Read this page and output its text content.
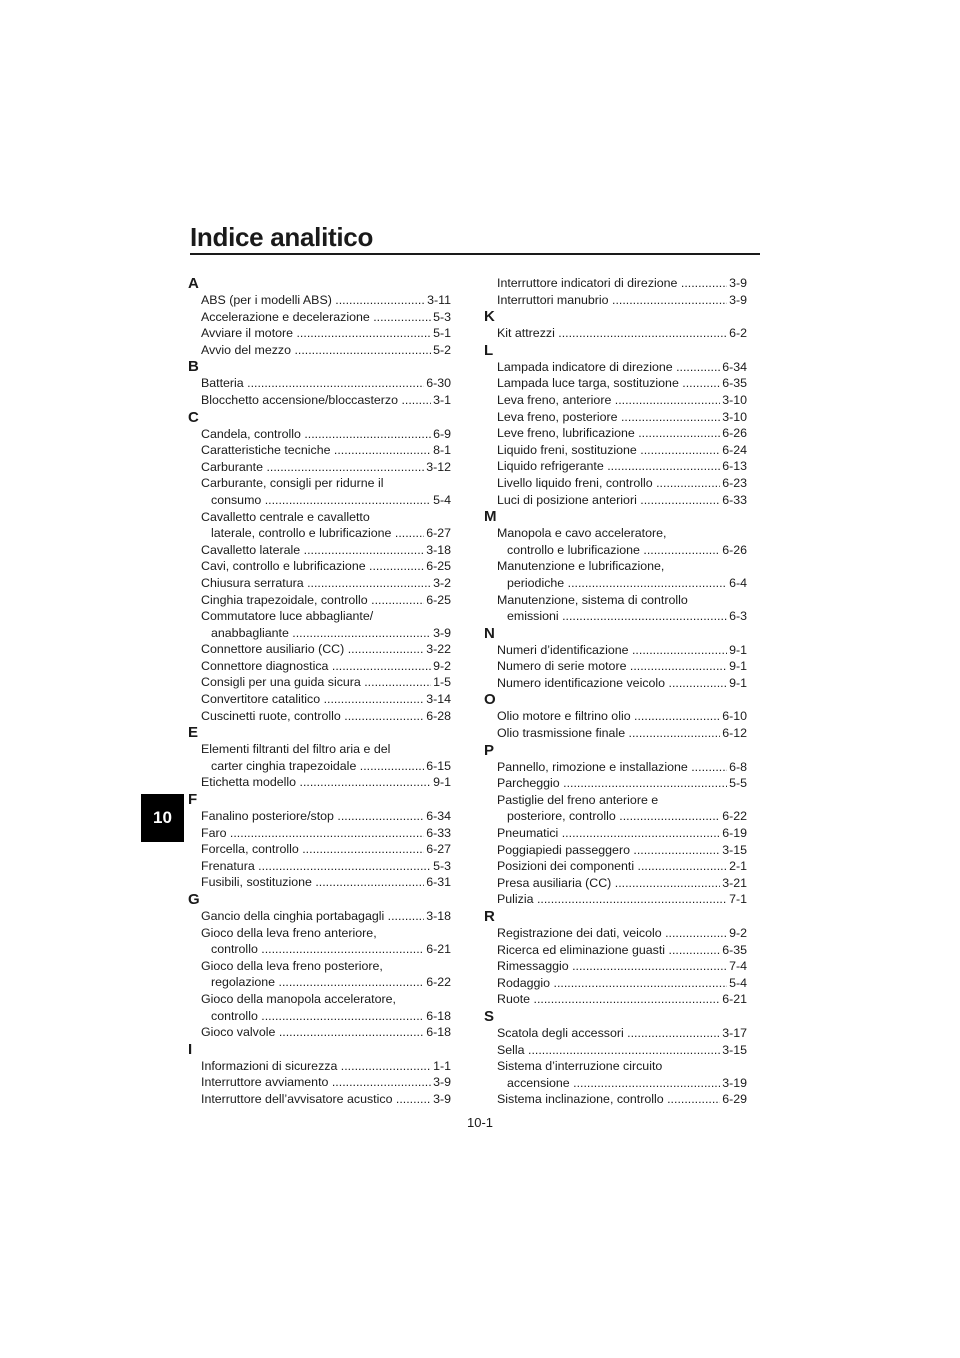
Indice analitico
10
A
ABS (per i modelli ABS) .....	3-11
Accelerazione e decelerazione .....	5-3
Avviare il motore .....	5-1
Avvio del mezzo .....	5-2
B
Batteria .....	6-30
Blocchetto accensione/bloccasterzo .....	3-1
C
Candela, controllo .....	6-9
Caratteristiche tecniche .....	8-1
Carburante .....	3-12
Carburante, consigli per ridurne il
consumo .....	5-4
Cavalletto centrale e cavalletto
laterale, controllo e lubrificazione .....	6-27
Cavalletto laterale .....	3-18
Cavi, controllo e lubrificazione .....	6-25
Chiusura serratura .....	3-2
Cinghia trapezoidale, controllo .....	6-25
Commutatore luce abbagliante/
anabbagliante .....	3-9
Connettore ausiliario (CC) .....	3-22
Connettore diagnostica .....	9-2
Consigli per una guida sicura .....	1-5
Convertitore catalitico .....	3-14
Cuscinetti ruote, controllo .....	6-28
E
Elementi filtranti del filtro aria e del
carter cinghia trapezoidale .....	6-15
Etichetta modello .....	9-1
F
Fanalino posteriore/stop .....	6-34
Faro .....	6-33
Forcella, controllo .....	6-27
Frenatura .....	5-3
Fusibili, sostituzione .....	6-31
G
Gancio della cinghia portabagagli .....	3-18
Gioco della leva freno anteriore,
controllo .....	6-21
Gioco della leva freno posteriore,
regolazione .....	6-22
Gioco della manopola acceleratore,
controllo .....	6-18
Gioco valvole .....	6-18
I
Informazioni di sicurezza .....	1-1
Interruttore avviamento .....	3-9
Interruttore dell’avvisatore acustico .....	3-9
Interruttore indicatori di direzione .....	3-9
Interruttori manubrio .....	3-9
K
Kit attrezzi .....	6-2
L
Lampada indicatore di direzione .....	6-34
Lampada luce targa, sostituzione .....	6-35
Leva freno, anteriore .....	3-10
Leva freno, posteriore .....	3-10
Leve freno, lubrificazione .....	6-26
Liquido freni, sostituzione .....	6-24
Liquido refrigerante .....	6-13
Livello liquido freni, controllo .....	6-23
Luci di posizione anteriori .....	6-33
M
Manopola e cavo acceleratore,
controllo e lubrificazione .....	6-26
Manutenzione e lubrificazione,
periodiche .....	6-4
Manutenzione, sistema di controllo
emissioni .....	6-3
N
Numeri d’identificazione .....	9-1
Numero di serie motore .....	9-1
Numero identificazione veicolo .....	9-1
O
Olio motore e filtrino olio .....	6-10
Olio trasmissione finale .....	6-12
P
Pannello, rimozione e installazione .....	6-8
Parcheggio .....	5-5
Pastiglie del freno anteriore e
posteriore, controllo .....	6-22
Pneumatici .....	6-19
Poggiapiedi passeggero .....	3-15
Posizioni dei componenti .....	2-1
Presa ausiliaria (CC) .....	3-21
Pulizia .....	7-1
R
Registrazione dei dati, veicolo .....	9-2
Ricerca ed eliminazione guasti .....	6-35
Rimessaggio .....	7-4
Rodaggio .....	5-4
Ruote .....	6-21
S
Scatola degli accessori .....	3-17
Sella .....	3-15
Sistema d’interruzione circuito
accensione .....	3-19
Sistema inclinazione, controllo .....	6-29
10-1
